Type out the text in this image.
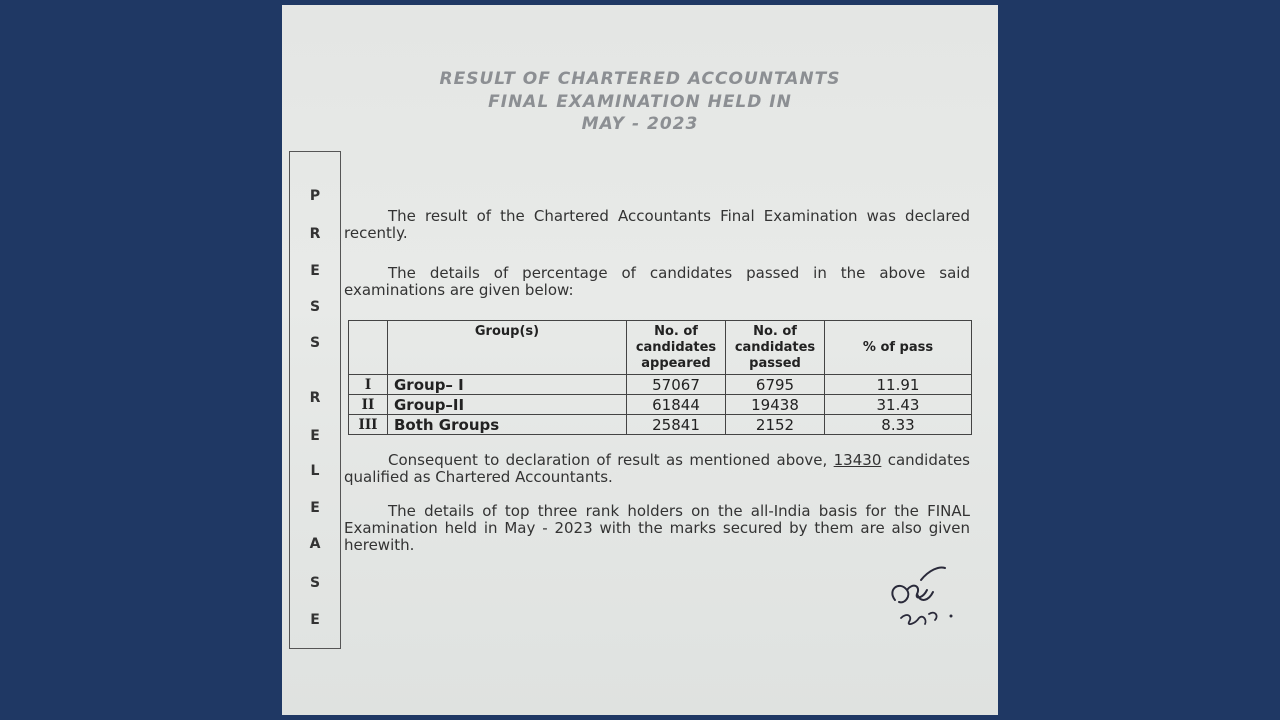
RESULT OF CHARTERED ACCOUNTANTS
FINAL EXAMINATION HELD IN
MAY - 2023
P
R
E
S
S
R
E
L
E
A
S
E
The result of the Chartered Accountants Final Examination was declared recently.
The details of percentage of candidates passed in the above said examinations are given below:
	Group(s)	No. of candidates appeared	No. of candidates passed	% of pass
I	Group– I	57067	6795	11.91
II	Group–II	61844	19438	31.43
III	Both Groups	25841	2152	8.33
Consequent to declaration of result as mentioned above, 13430 candidates qualified as Chartered Accountants.
The details of top three rank holders on the all-India basis for the FINAL Examination held in May - 2023 with the marks secured by them are also given herewith.
